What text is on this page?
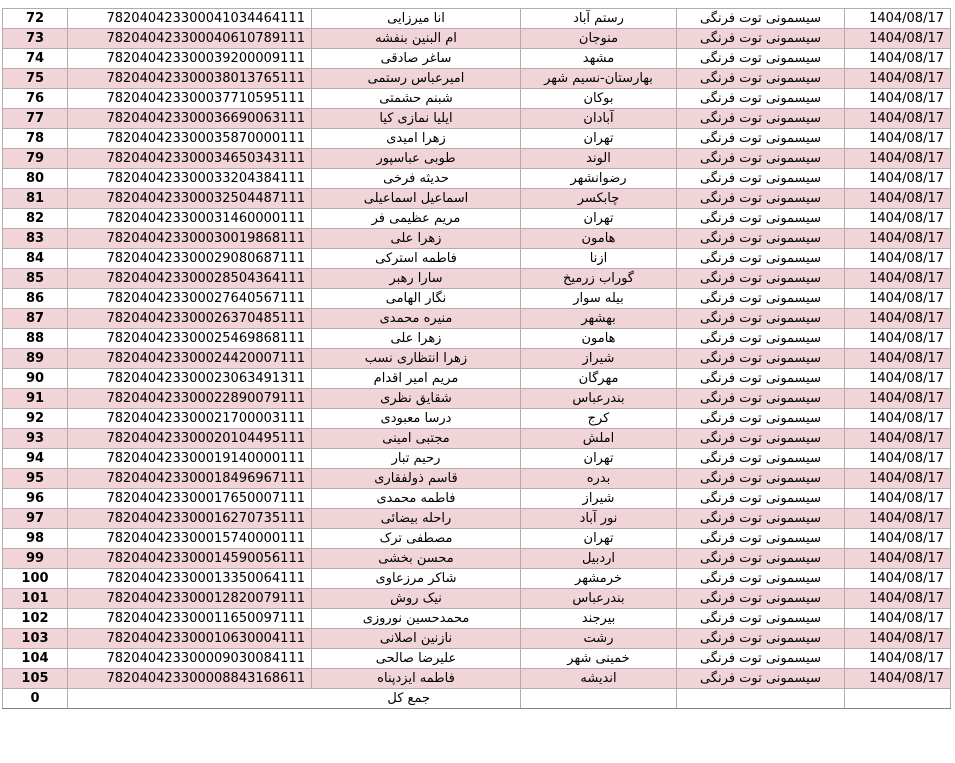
72	782040423300041034464111	انا میرزایی	رستم آباد	سیسمونی توت فرنگی	1404/08/17
73	782040423300040610789111	ام البنین بنفشه	منوجان	سیسمونی توت فرنگی	1404/08/17
74	782040423300039200009111	ساغر صادقی	مشهد	سیسمونی توت فرنگی	1404/08/17
75	782040423300038013765111	امیرعباس رستمی	بهارستان-نسیم شهر	سیسمونی توت فرنگی	1404/08/17
76	782040423300037710595111	شبنم حشمتی	بوکان	سیسمونی توت فرنگی	1404/08/17
77	782040423300036690063111	ایلیا نمازی کیا	آبادان	سیسمونی توت فرنگی	1404/08/17
78	782040423300035870000111	زهرا امیدی	تهران	سیسمونی توت فرنگی	1404/08/17
79	782040423300034650343111	طوبی عباسپور	الوند	سیسمونی توت فرنگی	1404/08/17
80	782040423300033204384111	حدیثه فرخی	رضوانشهر	سیسمونی توت فرنگی	1404/08/17
81	782040423300032504487111	اسماعیل اسماعیلی	چابکسر	سیسمونی توت فرنگی	1404/08/17
82	782040423300031460000111	مریم عظیمی فر	تهران	سیسمونی توت فرنگی	1404/08/17
83	782040423300030019868111	زهرا علی	هامون	سیسمونی توت فرنگی	1404/08/17
84	782040423300029080687111	فاطمه استرکی	ازنا	سیسمونی توت فرنگی	1404/08/17
85	782040423300028504364111	سارا رهبر	گوراب زرمیخ	سیسمونی توت فرنگی	1404/08/17
86	782040423300027640567111	نگار الهامی	بیله سوار	سیسمونی توت فرنگی	1404/08/17
87	782040423300026370485111	منیره محمدی	بهشهر	سیسمونی توت فرنگی	1404/08/17
88	782040423300025469868111	زهرا علی	هامون	سیسمونی توت فرنگی	1404/08/17
89	782040423300024420007111	زهرا انتظاری نسب	شیراز	سیسمونی توت فرنگی	1404/08/17
90	782040423300023063491311	مریم امیر اقدام	مهرگان	سیسمونی توت فرنگی	1404/08/17
91	782040423300022890079111	شقایق نظری	بندرعباس	سیسمونی توت فرنگی	1404/08/17
92	782040423300021700003111	درسا معبودی	کرج	سیسمونی توت فرنگی	1404/08/17
93	782040423300020104495111	مجتبی امینی	املش	سیسمونی توت فرنگی	1404/08/17
94	782040423300019140000111	رحیم تبار	تهران	سیسمونی توت فرنگی	1404/08/17
95	782040423300018496967111	قاسم ذولفقاری	بدره	سیسمونی توت فرنگی	1404/08/17
96	782040423300017650007111	فاطمه محمدی	شیراز	سیسمونی توت فرنگی	1404/08/17
97	782040423300016270735111	راحله بیضائی	نور آباد	سیسمونی توت فرنگی	1404/08/17
98	782040423300015740000111	مصطفی ترک	تهران	سیسمونی توت فرنگی	1404/08/17
99	782040423300014590056111	محسن بخشی	اردبیل	سیسمونی توت فرنگی	1404/08/17
100	782040423300013350064111	شاکر مرزعاوی	خرمشهر	سیسمونی توت فرنگی	1404/08/17
101	782040423300012820079111	نیک روش	بندرعباس	سیسمونی توت فرنگی	1404/08/17
102	782040423300011650097111	محمدحسین نوروزی	بیرجند	سیسمونی توت فرنگی	1404/08/17
103	782040423300010630004111	نازنین اصلانی	رشت	سیسمونی توت فرنگی	1404/08/17
104	782040423300009030084111	علیرضا صالحی	خمینی شهر	سیسمونی توت فرنگی	1404/08/17
105	782040423300008843168611	فاطمه ایزدپناه	اندیشه	سیسمونی توت فرنگی	1404/08/17
0	جمع کل				
